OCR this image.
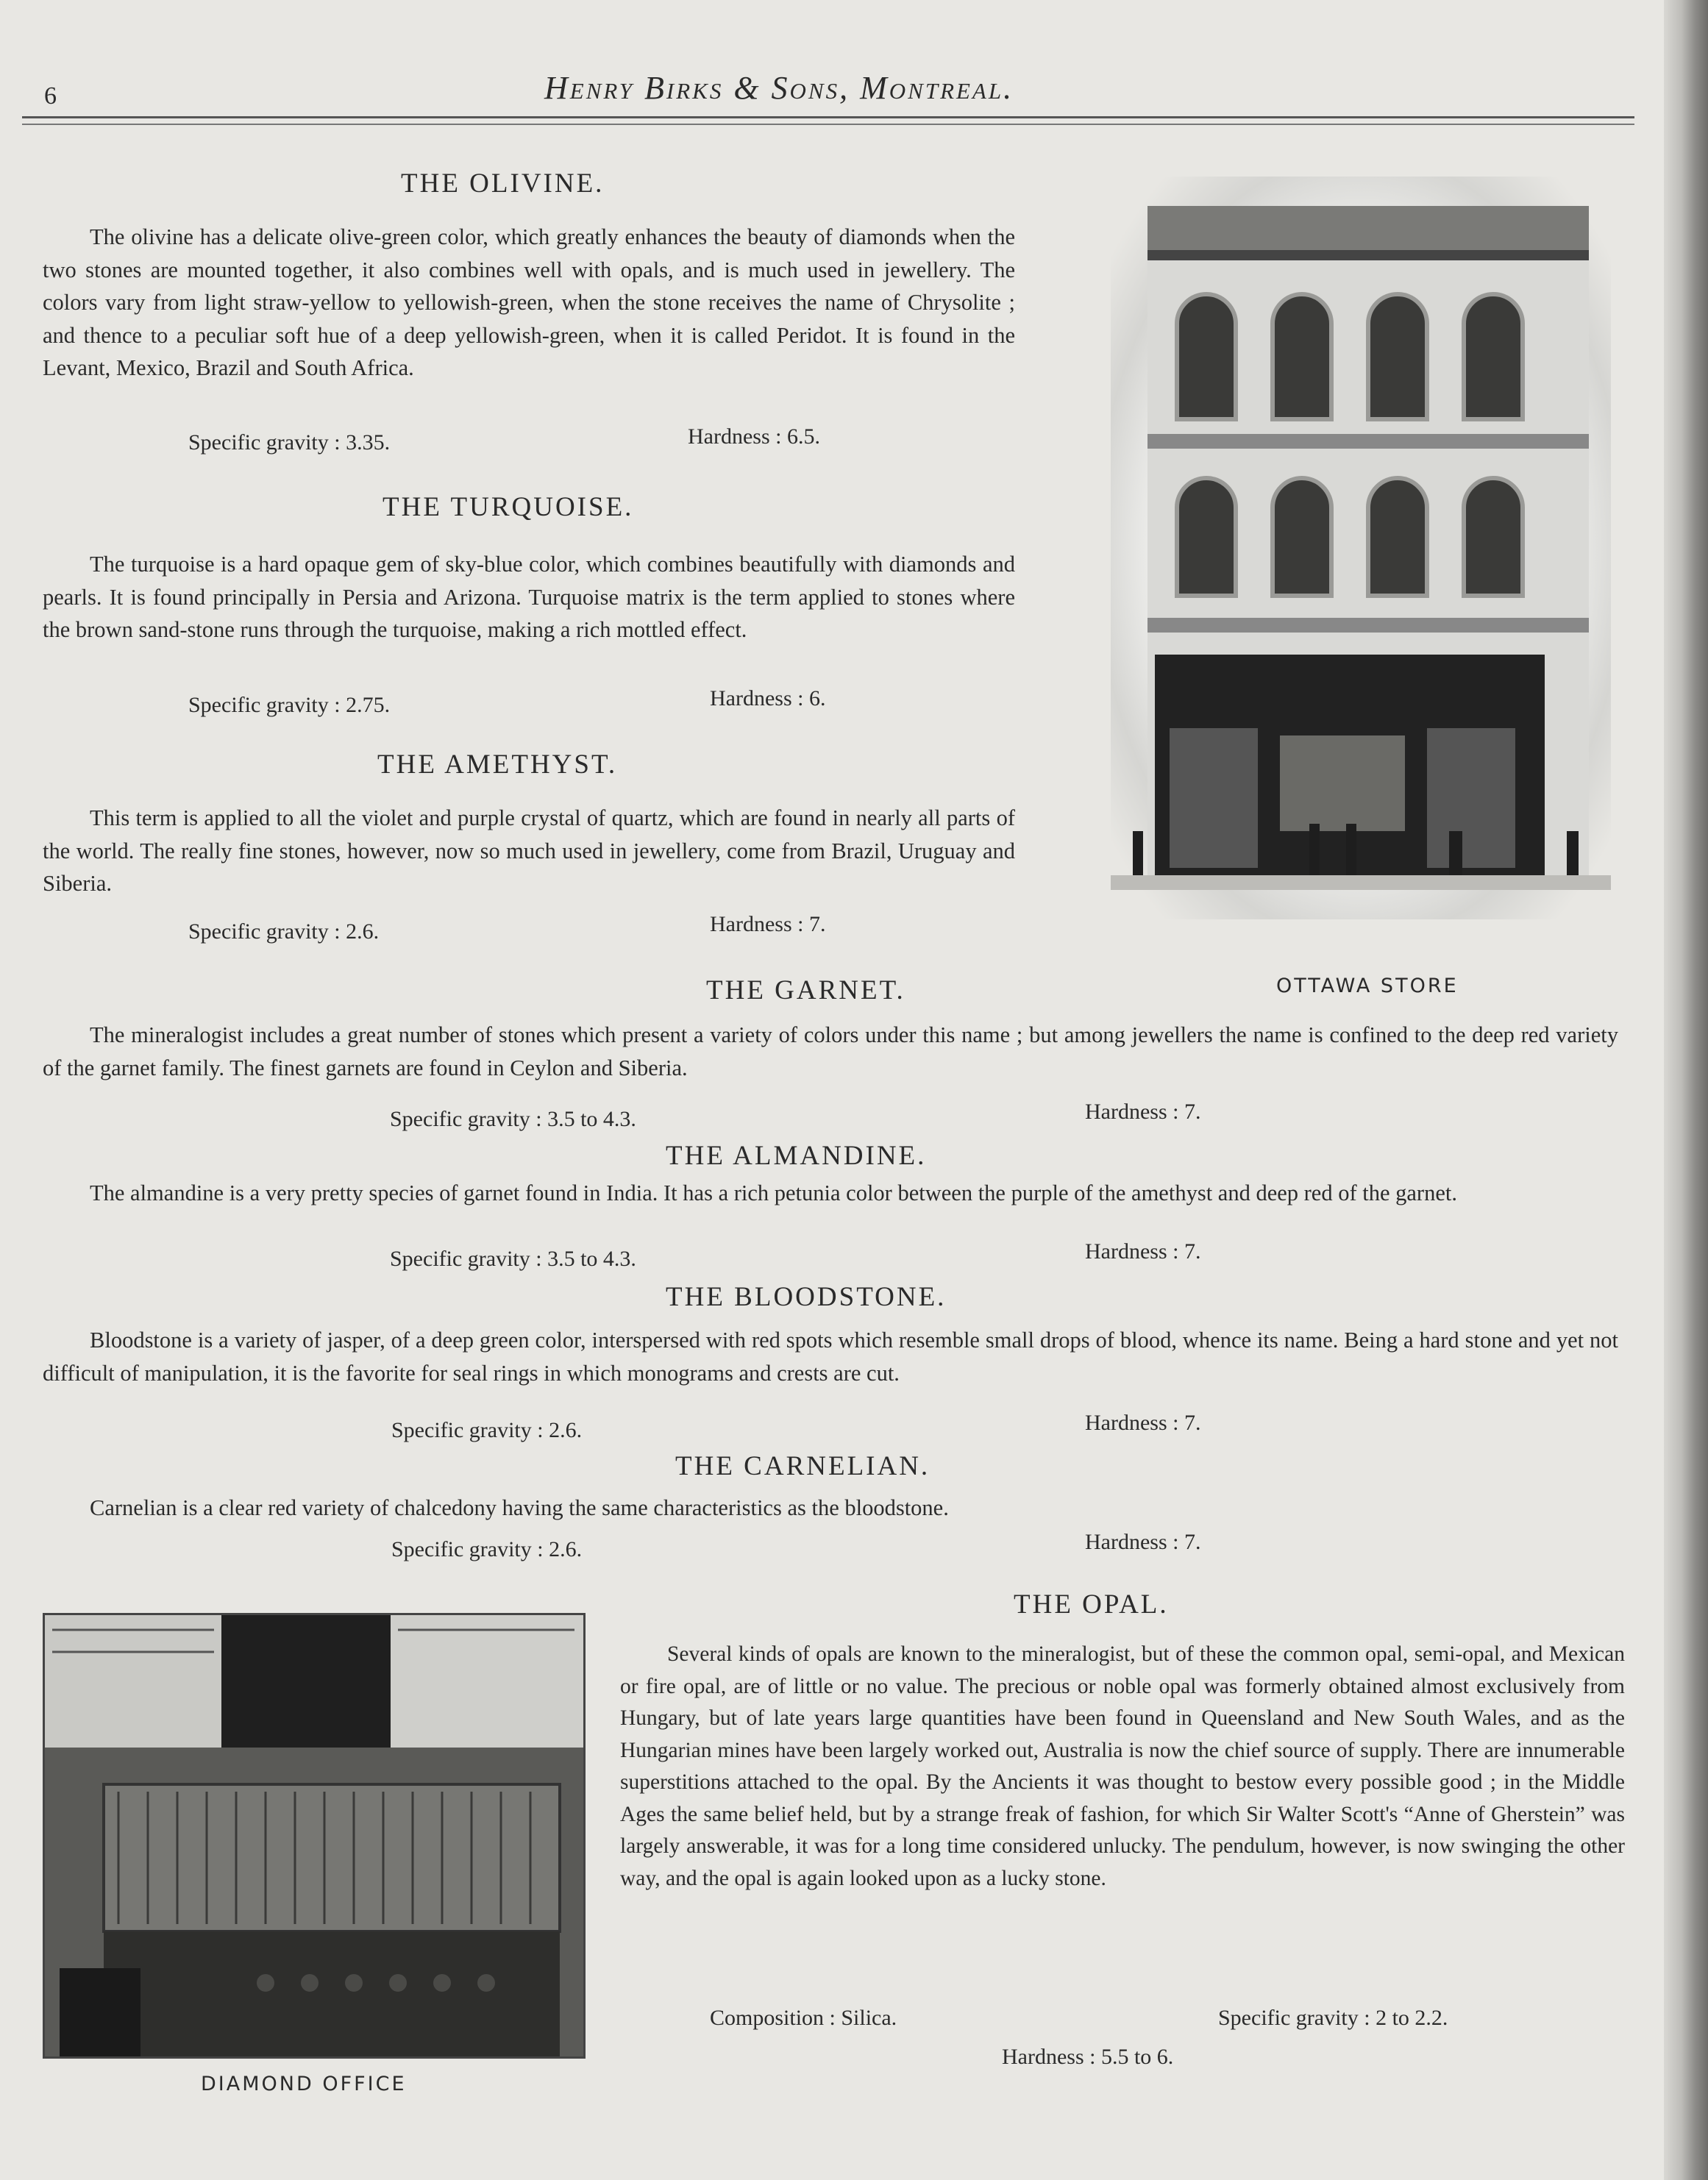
6	Henry Birks & Sons, Montreal.
THE OLIVINE.

The olivine has a delicate olive-green color, which greatly enhances the beauty of diamonds when the two stones are mounted together, it also combines well with opals, and is much used in jewellery. The colors vary from light straw-yellow to yellowish-green, when the stone receives the name of Chrysolite ; and thence to a peculiar soft hue of a deep yellowish-green, when it is called Peridot. It is found in the Levant, Mexico, Brazil and South Africa.

Specific gravity : 3.35.	Hardness : 6.5.
THE TURQUOISE.

The turquoise is a hard opaque gem of sky-blue color, which combines beautifully with diamonds and pearls. It is found principally in Persia and Arizona. Turquoise matrix is the term applied to stones where the brown sand-stone runs through the turquoise, making a rich mottled effect.

Specific gravity : 2.75.	Hardness : 6.
THE AMETHYST.

This term is applied to all the violet and purple crystal of quartz, which are found in nearly all parts of the world. The really fine stones, however, now so much used in jewellery, come from Brazil, Uruguay and Siberia.

Specific gravity : 2.6.	Hardness : 7.
OTTAWA STORE
THE GARNET.

The mineralogist includes a great number of stones which present a variety of colors under this name ; but among jewellers the name is confined to the deep red variety of the garnet family. The finest garnets are found in Ceylon and Siberia.

Specific gravity : 3.5 to 4.3.	Hardness : 7.
THE ALMANDINE.

The almandine is a very pretty species of garnet found in India. It has a rich petunia color between the purple of the amethyst and deep red of the garnet.

Specific gravity : 3.5 to 4.3.	Hardness : 7.
THE BLOODSTONE.

Bloodstone is a variety of jasper, of a deep green color, interspersed with red spots which resemble small drops of blood, whence its name. Being a hard stone and yet not difficult of manipulation, it is the favorite for seal rings in which monograms and crests are cut.

Specific gravity : 2.6.	Hardness : 7.
THE CARNELIAN.

Carnelian is a clear red variety of chalcedony having the same characteristics as the bloodstone.

Specific gravity : 2.6.	Hardness : 7.
DIAMOND OFFICE
THE OPAL.

Several kinds of opals are known to the mineralogist, but of these the common opal, semi-opal, and Mexican or fire opal, are of little or no value. The precious or noble opal was formerly obtained almost exclusively from Hungary, but of late years large quantities have been found in Queensland and New South Wales, and as the Hungarian mines have been largely worked out, Australia is now the chief source of supply. There are innumerable superstitions attached to the opal. By the Ancients it was thought to bestow every possible good ; in the Middle Ages the same belief held, but by a strange freak of fashion, for which Sir Walter Scott's “Anne of Gherstein” was largely answerable, it was for a long time considered unlucky. The pendulum, however, is now swinging the other way, and the opal is again looked upon as a lucky stone.

Composition : Silica.	Specific gravity : 2 to 2.2.
Hardness : 5.5 to 6.
